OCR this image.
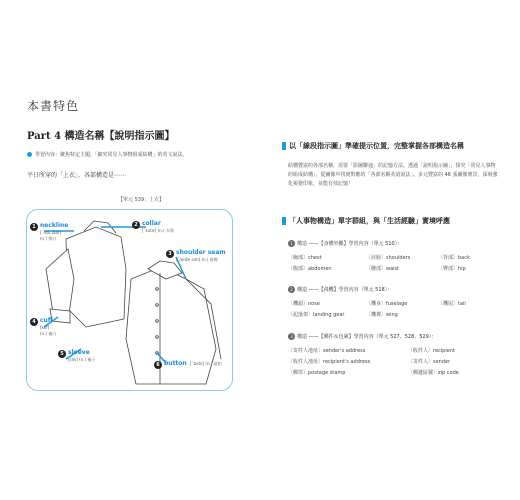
本書特色
Part 4 構造名稱【說明指示圖】
學習內容：聚焦特定主題，「細究常見人事物組成結構」的英文說法。
平日所穿的「上衣」，各部構造是⋯⋯
【單元 539：上衣】
1 neckline
[ˋnɛk.laɪn]
(n.) 領口
2 collar
[ˋkɑlɚ] (n.) 衣領
3 shoulder seam
[ˋʃoldɚ sim] (n.) 肩線
4 cuff
[kʌf]
(n.) 袖口
5 sleeve
[sliv] (n.) 袖子
6 button [ˋbʌtn̩] (n.) 鈕扣
以「線段指示圖」準確提示位置，完整掌握各部構造名稱
結構豐富的各部名稱，需要「影圖聯通」的記憶方法。透過「說明指示圖」，探究「常見人事物的組成結構」，從圖像中找到對應的「各部名稱英語說法」。多元豐富的 46 張圖像實景，深刻強化視覺印象，並能有效記憶！
「人事物構造」單字群組，與「生活經驗」實境呼應
1 構造 ——【身體外觀】學習內容（單元 510）：
〔胸部〕chest	〔肩膀〕shoulders	〔背部〕back
〔腹部〕abdomen	〔腰部〕waist	〔臀部〕hip
2 構造 ——【飛機】學習內容（單元 518）：
〔機頭〕nose	〔機身〕fuselage	〔機尾〕tail
〔起落架〕landing gear	〔機翼〕wing
3 構造 ——【郵件＆包裹】學習內容（單元 527、528、529）：
〔寄件人地址〕sender's address	〔收件人〕recipient
〔收件人地址〕recipient's address	〔寄件人〕sender
〔郵票〕postage stamp	〔郵遞區號〕zip code
